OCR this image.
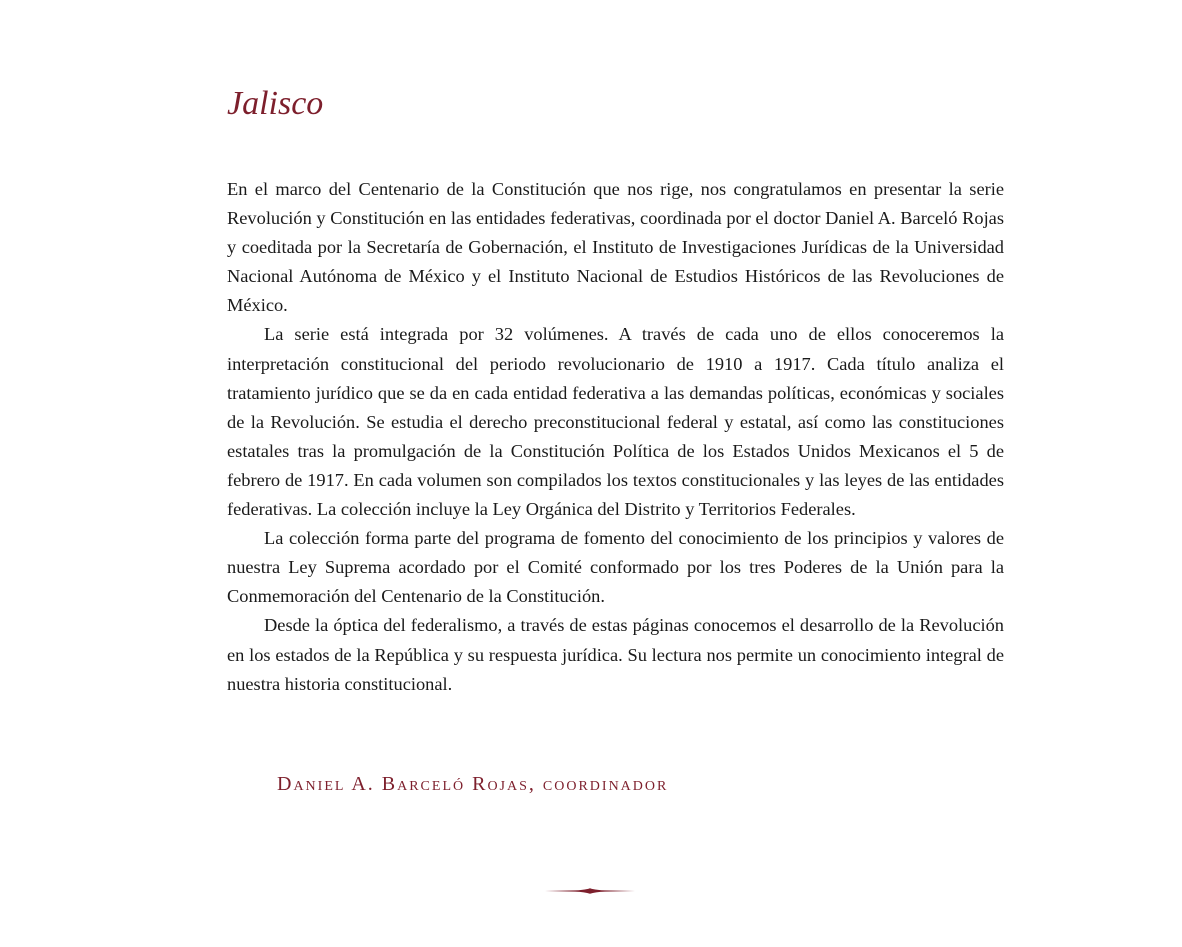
Jalisco

En el marco del Centenario de la Constitución que nos rige, nos congratulamos en presentar la serie Revolución y Constitución en las entidades federativas, coordinada por el doctor Daniel A. Barceló Rojas y coeditada por la Secretaría de Gobernación, el Instituto de Investigaciones Jurídicas de la Universidad Nacional Autónoma de México y el Instituto Nacional de Estudios Históricos de las Revoluciones de México.

La serie está integrada por 32 volúmenes. A través de cada uno de ellos conoceremos la interpretación constitucional del periodo revolucionario de 1910 a 1917. Cada título analiza el tratamiento jurídico que se da en cada entidad federativa a las demandas políticas, económicas y sociales de la Revolución. Se estudia el derecho preconstitucional federal y estatal, así como las constituciones estatales tras la promulgación de la Constitución Política de los Estados Unidos Mexicanos el 5 de febrero de 1917. En cada volumen son compilados los textos constitucionales y las leyes de las entidades federativas. La colección incluye la Ley Orgánica del Distrito y Territorios Federales.

La colección forma parte del programa de fomento del conocimiento de los principios y valores de nuestra Ley Suprema acordado por el Comité conformado por los tres Poderes de la Unión para la Conmemoración del Centenario de la Constitución.

Desde la óptica del federalismo, a través de estas páginas conocemos el desarrollo de la Revolución en los estados de la República y su respuesta jurídica. Su lectura nos permite un conocimiento integral de nuestra historia constitucional.

Daniel A. Barceló Rojas, coordinador
